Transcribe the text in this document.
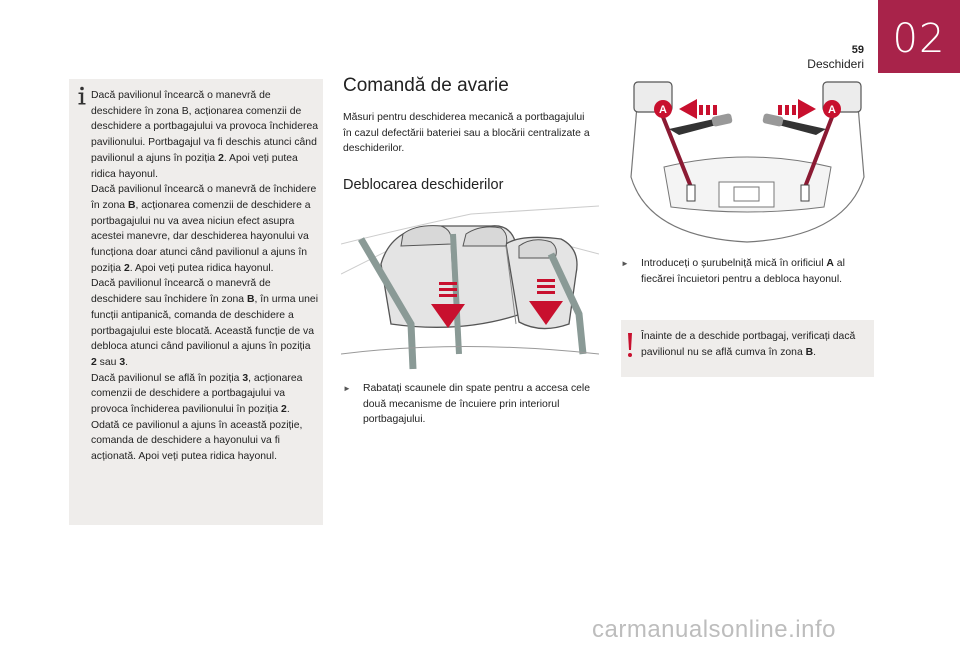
02
59
Deschideri

Dacă pavilionul încearcă o manevră de deschidere în zona B, acționarea comenzii de deschidere a portbagajului va provoca închiderea pavilionului. Portbagajul va fi deschis atunci când pavilionul a ajuns în poziția 2. Apoi veți putea ridica hayonul.

Dacă pavilionul încearcă o manevră de închidere în zona B, acționarea comenzii de deschidere a portbagajului nu va avea niciun efect asupra acestei manevre, dar deschiderea hayonului va funcționa doar atunci când pavilionul a ajuns în poziția 2. Apoi veți putea ridica hayonul.

Dacă pavilionul încearcă o manevră de deschidere sau închidere în zona B, în urma unei funcții antipanică, comanda de deschidere a portbagajului este blocată. Această funcție de va debloca atunci când pavilionul a ajuns în poziția 2 sau 3.

Dacă pavilionul se află în poziția 3, acționarea comenzii de deschidere a portbagajului va provoca închiderea pavilionului în poziția 2. Odată ce pavilionul a ajuns în această poziție, comanda de deschidere a hayonului va fi acționată. Apoi veți putea ridica hayonul.

Comandă de avarie
Măsuri pentru deschiderea mecanică a portbagajului în cazul defectării bateriei sau a blocării centralizate a deschiderilor.
Deblocarea deschiderilor
►	Rabatați scaunele din spate pentru a accesa cele două mecanisme de încuiere prin interiorul portbagajului.
A	A
►	Introduceți o șurubelniță mică în orificiul A al fiecărei încuietori pentru a debloca hayonul.
Înainte de a deschide portbagaj, verificați dacă pavilionul nu se află cumva în zona B.
carmanualsonline.info
